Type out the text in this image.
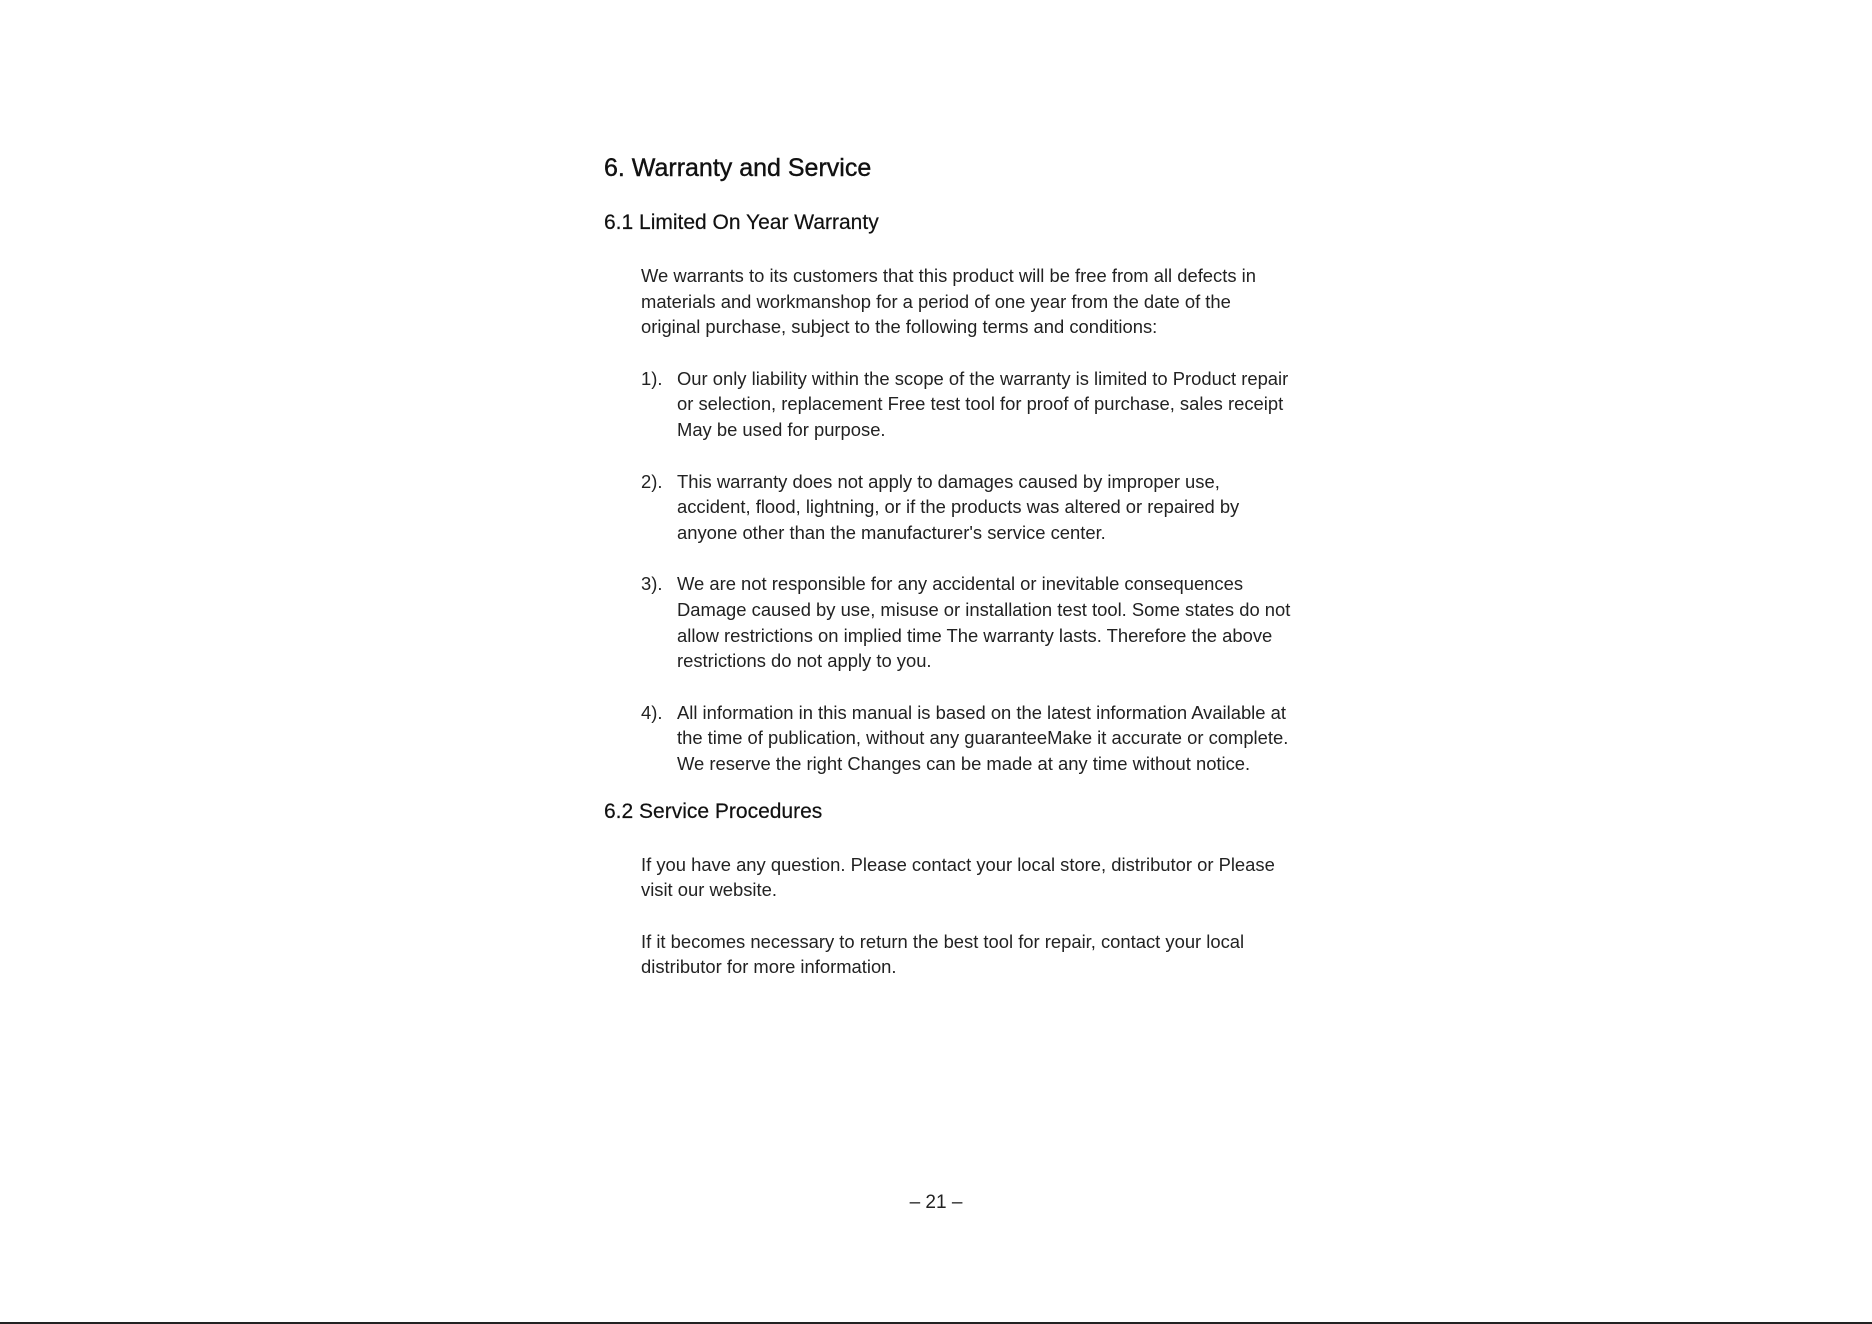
6. Warranty and Service
6.1 Limited On Year Warranty

We warrants to its customers that this product will be free from all defects in materials and workmanshop for a period of one year from the date of the original purchase, subject to the following terms and conditions:

1). Our only liability within the scope of the warranty is limited to Product repair or selection, replacement Free test tool for proof of purchase, sales receipt May be used for purpose.
2). This warranty does not apply to damages caused by improper use, accident, flood, lightning, or if the products was altered or repaired by anyone other than the manufacturer's service center.
3). We are not responsible for any accidental or inevitable consequences Damage caused by use, misuse or installation test tool. Some states do not allow restrictions on implied time The warranty lasts. Therefore the above restrictions do not apply to you.
4). All information in this manual is based on the latest information Available at the time of publication, without any guaranteeMake it accurate or complete. We reserve the right Changes can be made at any time without notice.
6.2 Service Procedures

If you have any question. Please contact your local store, distributor or Please visit our website.

If it becomes necessary to return the best tool for repair, contact your local distributor for more information.

– 21 –
